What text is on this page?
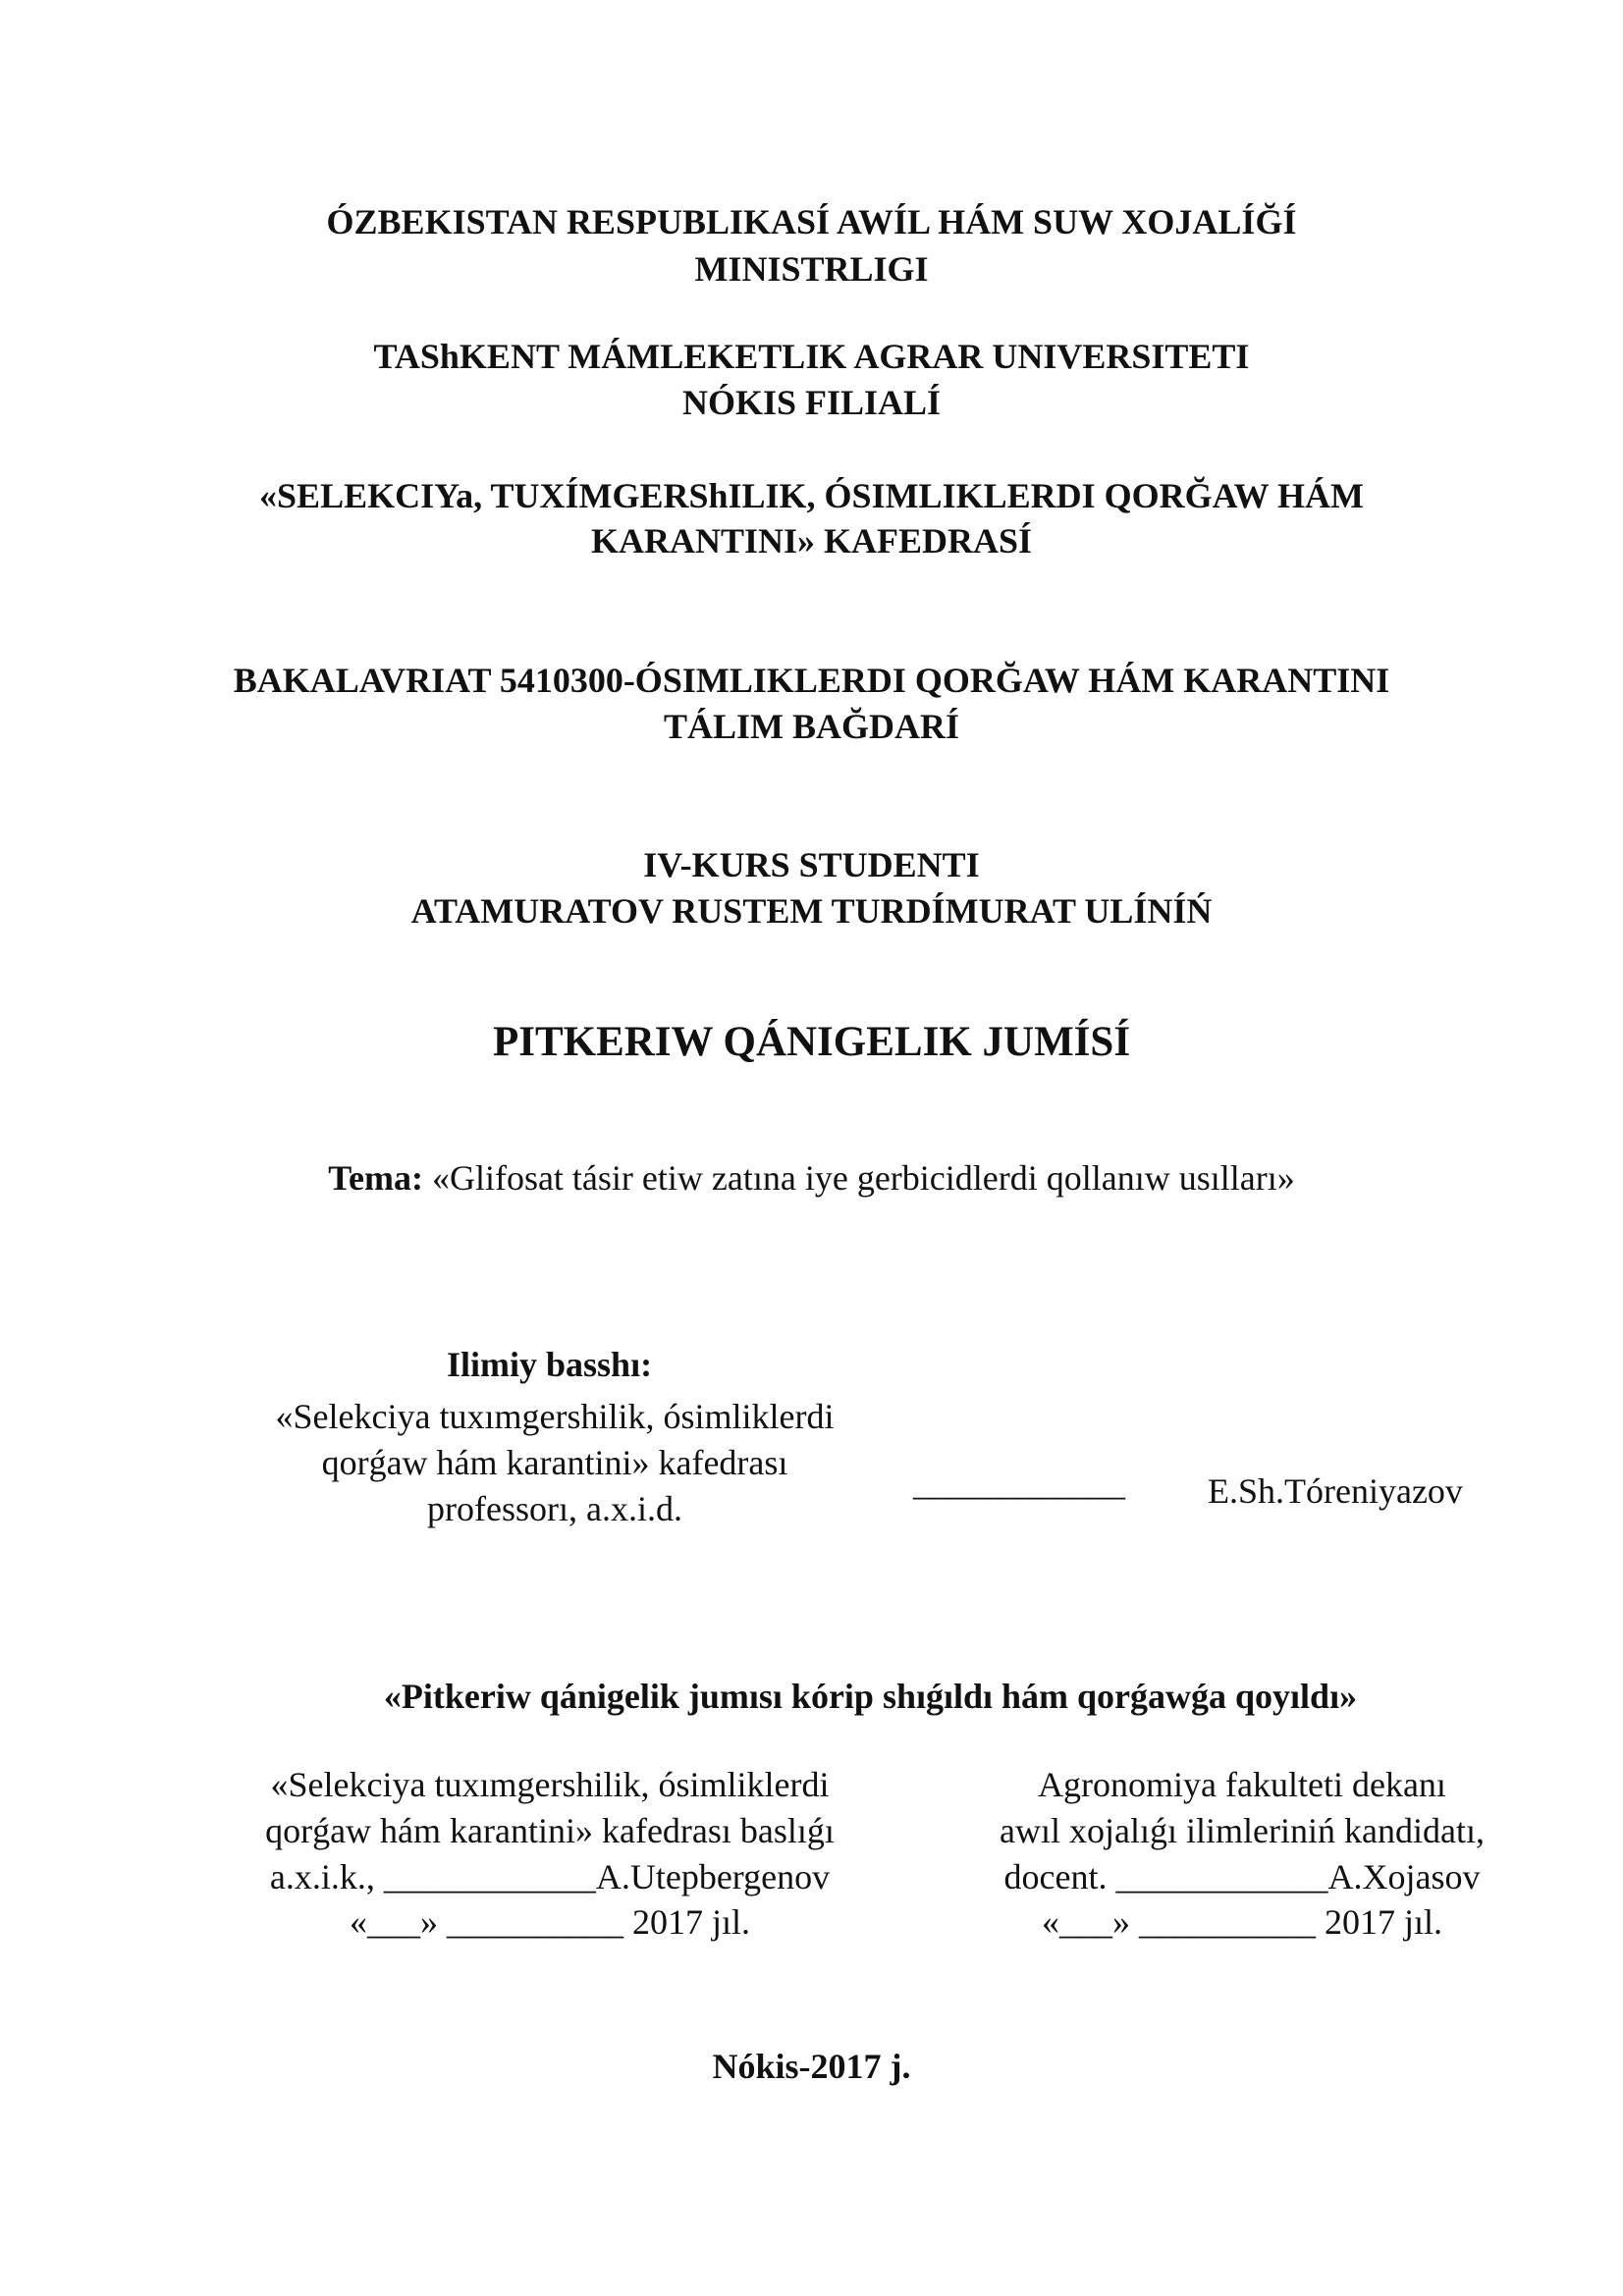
ÓZBEKISTAN RESPUBLIKASÍ AWÍL HÁM SUW XOJALÍĞÍ
MINISTRLIGI
TAShKENT MÁMLEKETLIK AGRAR UNIVERSITETI
NÓKIS FILIALÍ
«SELEKCIYa, TUXÍMGERShILIK, ÓSIMLIKLERDI QORĞAW HÁM
KARANTINI» KAFEDRASÍ
BAKALAVRIAT 5410300-ÓSIMLIKLERDI QORĞAW HÁM KARANTINI
TÁLIM BAĞDARÍ
IV-KURS STUDENTI
ATAMURATOV RUSTEM TURDÍMURAT ULÍNÍŃ
PITKERIW QÁNIGELIK JUMÍSÍ
Tema: «Glifosat tásir etiw zatına iye gerbicidlerdi qollanıw usılları»
Ilimiy basshı:
«Selekciya tuxımgershilik, ósimliklerdi
qorǵaw hám karantini» kafedrası
professorı, a.x.i.d.
____________ E.Sh.Tóreniyazov
«Pitkeriw qánigelik jumısı kórip shıǵıldı hám qorǵawǵa qoyıldı»
«Selekciya tuxımgershilik, ósimliklerdi
qorǵaw hám karantini» kafedrası baslıǵı
a.x.i.k., ____________A.Utepbergenov
«___» __________ 2017 jıl.
Agronomiya fakulteti dekanı
awıl xojalıǵı ilimleriniń kandidatı,
docent. ____________A.Xojasov
«___» __________ 2017 jıl.
Nókis-2017 j.
